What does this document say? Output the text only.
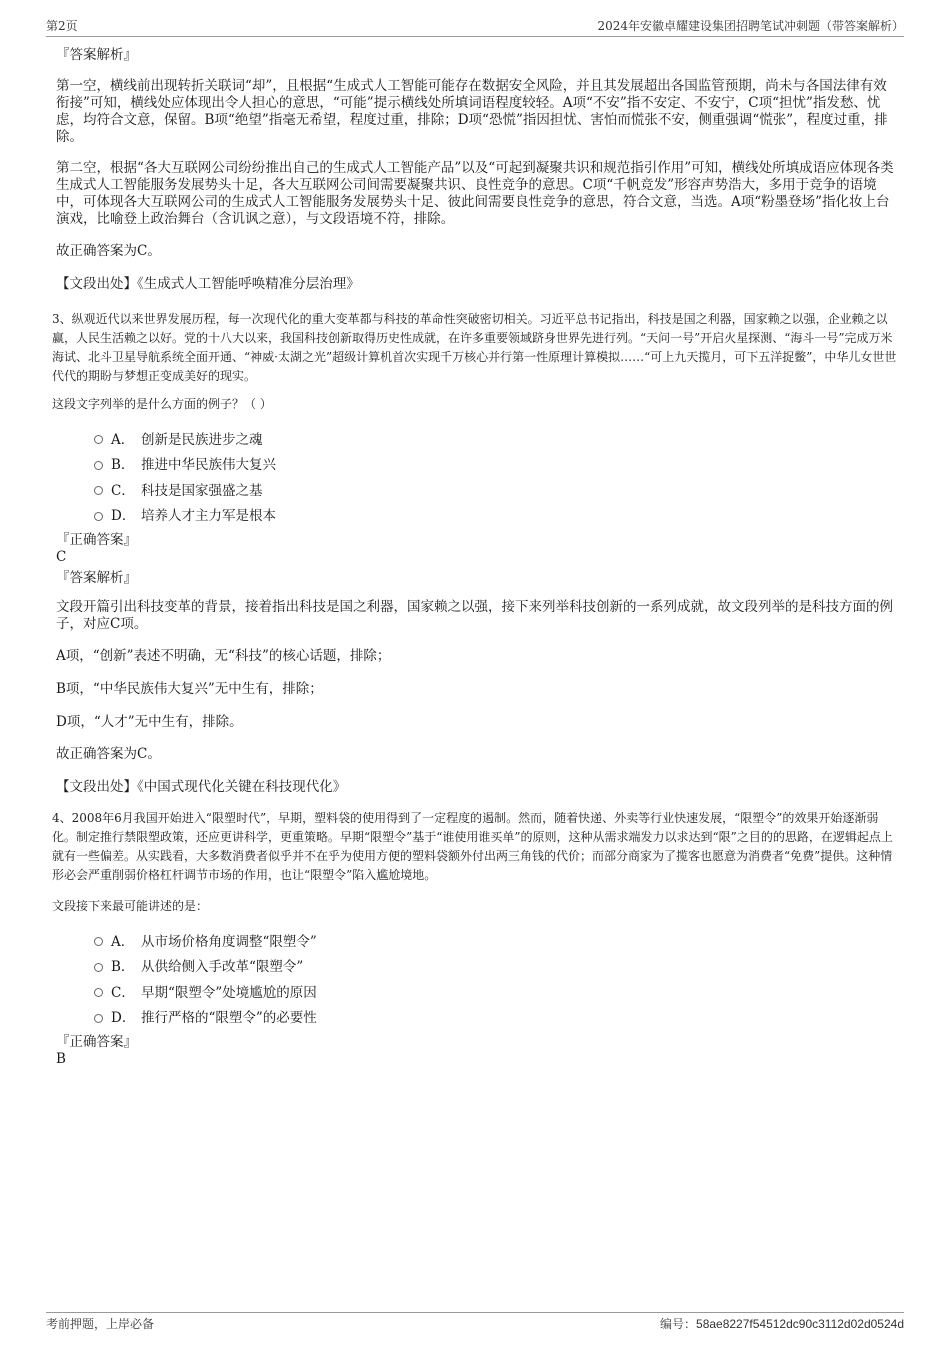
第2页	2024年安徽卓耀建设集团招聘笔试冲刺题（带答案解析）

『答案解析』

第一空，横线前出现转折关联词“却”，且根据“生成式人工智能可能存在数据安全风险，并且其发展超出各国监管预期，尚未与各国法律有效衔接”可知，横线处应体现出令人担心的意思，“可能”提示横线处所填词语程度较轻。A项“不安”指不安定、不安宁，C项“担忧”指发愁、忧虑，均符合文意，保留。B项“绝望”指毫无希望，程度过重，排除；D项“恐慌”指因担忧、害怕而慌张不安，侧重强调“慌张”，程度过重，排除。

第二空，根据“各大互联网公司纷纷推出自己的生成式人工智能产品”以及“可起到凝聚共识和规范指引作用”可知，横线处所填成语应体现各类生成式人工智能服务发展势头十足，各大互联网公司间需要凝聚共识、良性竞争的意思。C项“千帆竞发”形容声势浩大，多用于竞争的语境中，可体现各大互联网公司的生成式人工智能服务发展势头十足、彼此间需要良性竞争的意思，符合文意，当选。A项“粉墨登场”指化妆上台演戏，比喻登上政治舞台（含讥讽之意），与文段语境不符，排除。

故正确答案为C。

【文段出处】《生成式人工智能呼唤精准分层治理》

3、纵观近代以来世界发展历程，每一次现代化的重大变革都与科技的革命性突破密切相关。习近平总书记指出，科技是国之利器，国家赖之以强，企业赖之以赢，人民生活赖之以好。党的十八大以来，我国科技创新取得历史性成就，在许多重要领域跻身世界先进行列。“天问一号”开启火星探测、“海斗一号”完成万米海试、北斗卫星导航系统全面开通、“神威·太湖之光”超级计算机首次实现千万核心并行第一性原理计算模拟……“可上九天揽月，可下五洋捉鳖”，中华儿女世世代代的期盼与梦想正变成美好的现实。

这段文字列举的是什么方面的例子？（ ）

A． 创新是民族进步之魂
B． 推进中华民族伟大复兴
C． 科技是国家强盛之基
D． 培养人才主力军是根本

『正确答案』

C

『答案解析』

文段开篇引出科技变革的背景，接着指出科技是国之利器，国家赖之以强，接下来列举科技创新的一系列成就，故文段列举的是科技方面的例子，对应C项。

A项，“创新”表述不明确，无“科技”的核心话题，排除；

B项，“中华民族伟大复兴”无中生有，排除；

D项，“人才”无中生有，排除。

故正确答案为C。

【文段出处】《中国式现代化关键在科技现代化》

4、2008年6月我国开始进入“限塑时代”，早期，塑料袋的使用得到了一定程度的遏制。然而，随着快递、外卖等行业快速发展，“限塑令”的效果开始逐渐弱化。制定推行禁限塑政策，还应更讲科学，更重策略。早期“限塑令”基于“谁使用谁买单”的原则，这种从需求端发力以求达到“限”之目的的思路，在逻辑起点上就有一些偏差。从实践看，大多数消费者似乎并不在乎为使用方便的塑料袋额外付出两三角钱的代价；而部分商家为了揽客也愿意为消费者“免费”提供。这种情形必会严重削弱价格杠杆调节市场的作用，也让“限塑令”陷入尴尬境地。

文段接下来最可能讲述的是：

A． 从市场价格角度调整“限塑令”
B． 从供给侧入手改革“限塑令”
C． 早期“限塑令”处境尴尬的原因
D． 推行严格的“限塑令”的必要性

『正确答案』

B

考前押题，上岸必备	编号：58ae8227f54512dc90c3112d02d0524d
